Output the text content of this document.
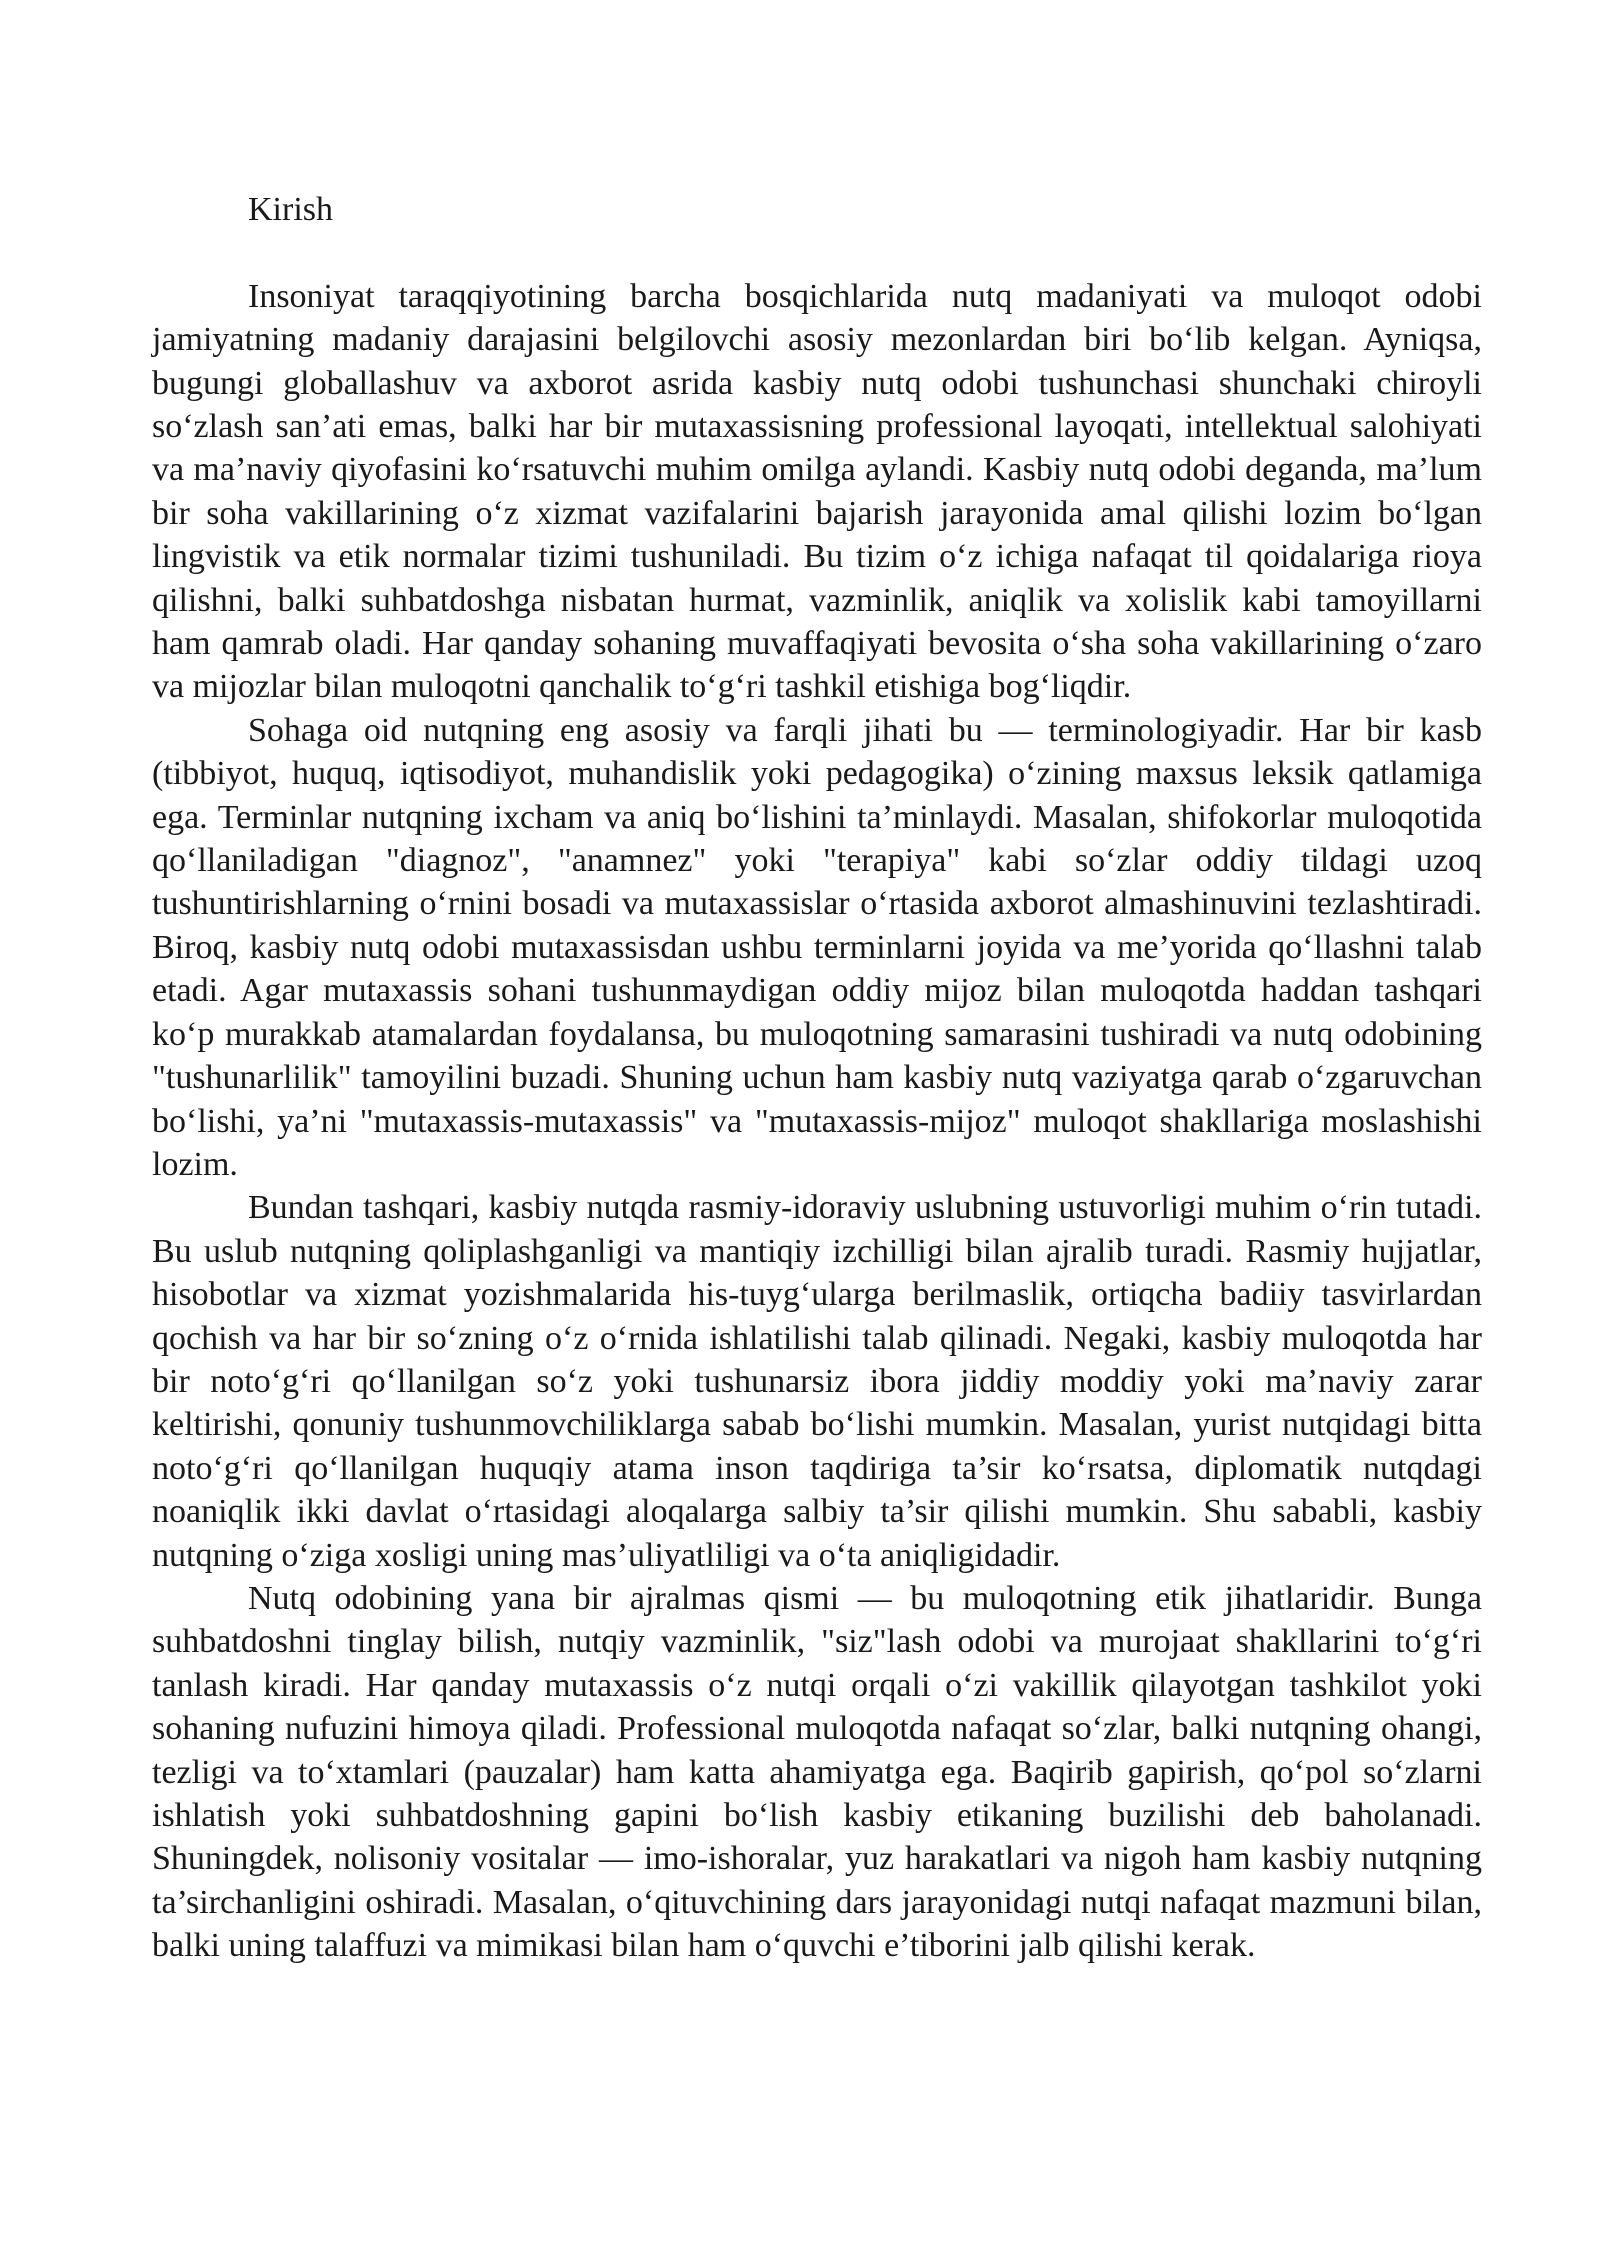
Kirish

Insoniyat taraqqiyotining barcha bosqichlarida nutq madaniyati va muloqot odobi jamiyatning madaniy darajasini belgilovchi asosiy mezonlardan biri bo‘lib kelgan. Ayniqsa, bugungi globallashuv va axborot asrida kasbiy nutq odobi tushunchasi shunchaki chiroyli so‘zlash san’ati emas, balki har bir mutaxassisning professional layoqati, intellektual salohiyati va ma’naviy qiyofasini ko‘rsatuvchi muhim omilga aylandi. Kasbiy nutq odobi deganda, ma’lum bir soha vakillarining o‘z xizmat vazifalarini bajarish jarayonida amal qilishi lozim bo‘lgan lingvistik va etik normalar tizimi tushuniladi. Bu tizim o‘z ichiga nafaqat til qoidalariga rioya qilishni, balki suhbatdoshga nisbatan hurmat, vazminlik, aniqlik va xolislik kabi tamoyillarni ham qamrab oladi. Har qanday sohaning muvaffaqiyati bevosita o‘sha soha vakillarining o‘zaro va mijozlar bilan muloqotni qanchalik to‘g‘ri tashkil etishiga bog‘liqdir.

Sohaga oid nutqning eng asosiy va farqli jihati bu — terminologiyadir. Har bir kasb (tibbiyot, huquq, iqtisodiyot, muhandislik yoki pedagogika) o‘zining maxsus leksik qatlamiga ega. Terminlar nutqning ixcham va aniq bo‘lishini ta’minlaydi. Masalan, shifokorlar muloqotida qo‘llaniladigan "diagnoz", "anamnez" yoki "terapiya" kabi so‘zlar oddiy tildagi uzoq tushuntirishlarning o‘rnini bosadi va mutaxassislar o‘rtasida axborot almashinuvini tezlashtiradi. Biroq, kasbiy nutq odobi mutaxassisdan ushbu terminlarni joyida va me’yorida qo‘llashni talab etadi. Agar mutaxassis sohani tushunmaydigan oddiy mijoz bilan muloqotda haddan tashqari ko‘p murakkab atamalardan foydalansa, bu muloqotning samarasini tushiradi va nutq odobining "tushunarlilik" tamoyilini buzadi. Shuning uchun ham kasbiy nutq vaziyatga qarab o‘zgaruvchan bo‘lishi, ya’ni "mutaxassis-mutaxassis" va "mutaxassis-mijoz" muloqot shakllariga moslashishi lozim.

Bundan tashqari, kasbiy nutqda rasmiy-idoraviy uslubning ustuvorligi muhim o‘rin tutadi. Bu uslub nutqning qoliplashganligi va mantiqiy izchilligi bilan ajralib turadi. Rasmiy hujjatlar, hisobotlar va xizmat yozishmalarida his-tuyg‘ularga berilmaslik, ortiqcha badiiy tasvirlardan qochish va har bir so‘zning o‘z o‘rnida ishlatilishi talab qilinadi. Negaki, kasbiy muloqotda har bir noto‘g‘ri qo‘llanilgan so‘z yoki tushunarsiz ibora jiddiy moddiy yoki ma’naviy zarar keltirishi, qonuniy tushunmovchiliklarga sabab bo‘lishi mumkin. Masalan, yurist nutqidagi bitta noto‘g‘ri qo‘llanilgan huquqiy atama inson taqdiriga ta’sir ko‘rsatsa, diplomatik nutqdagi noaniqlik ikki davlat o‘rtasidagi aloqalarga salbiy ta’sir qilishi mumkin. Shu sababli, kasbiy nutqning o‘ziga xosligi uning mas’uliyatliligi va o‘ta aniqligidadir.

Nutq odobining yana bir ajralmas qismi — bu muloqotning etik jihatlaridir. Bunga suhbatdoshni tinglay bilish, nutqiy vazminlik, "siz"lash odobi va murojaat shakllarini to‘g‘ri tanlash kiradi. Har qanday mutaxassis o‘z nutqi orqali o‘zi vakillik qilayotgan tashkilot yoki sohaning nufuzini himoya qiladi. Professional muloqotda nafaqat so‘zlar, balki nutqning ohangi, tezligi va to‘xtamlari (pauzalar) ham katta ahamiyatga ega. Baqirib gapirish, qo‘pol so‘zlarni ishlatish yoki suhbatdoshning gapini bo‘lish kasbiy etikaning buzilishi deb baholanadi. Shuningdek, nolisoniy vositalar — imo-ishoralar, yuz harakatlari va nigoh ham kasbiy nutqning ta’sirchanligini oshiradi. Masalan, o‘qituvchining dars jarayonidagi nutqi nafaqat mazmuni bilan, balki uning talaffuzi va mimikasi bilan ham o‘quvchi e’tiborini jalb qilishi kerak.
